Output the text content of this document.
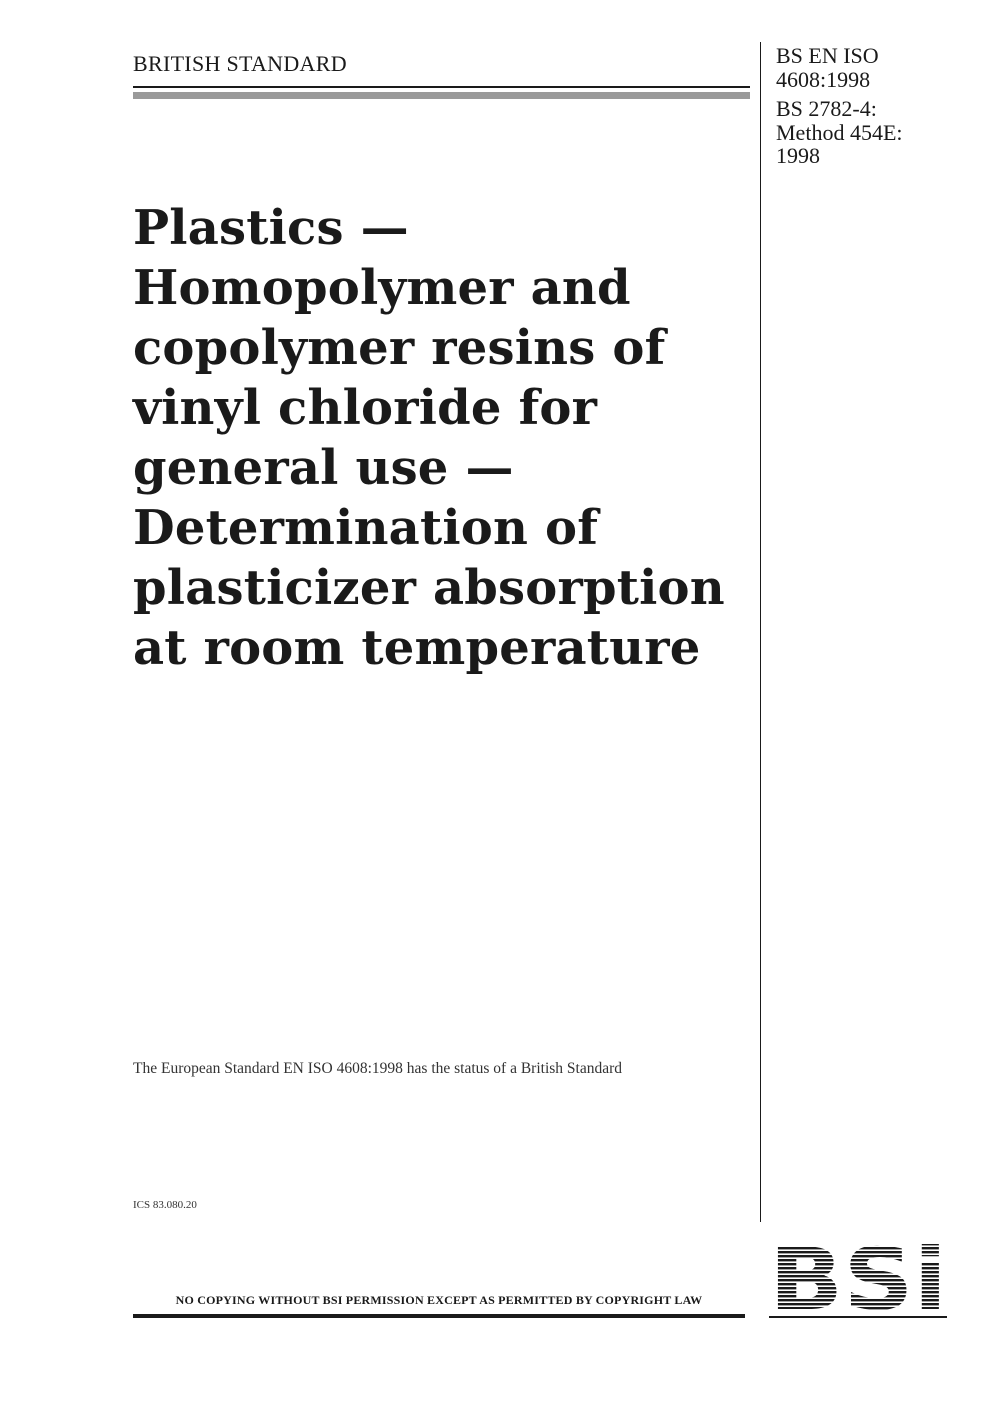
BRITISH STANDARD	BS EN ISO
4608:1998
BS 2782-4:
Method 454E:
1998
Plastics —
Homopolymer and
copolymer resins of
vinyl chloride for
general use —
Determination of
plasticizer absorption
at room temperature
The European Standard EN ISO 4608:1998 has the status of a British Standard
ICS 83.080.20
NO COPYING WITHOUT BSI PERMISSION EXCEPT AS PERMITTED BY COPYRIGHT LAW
